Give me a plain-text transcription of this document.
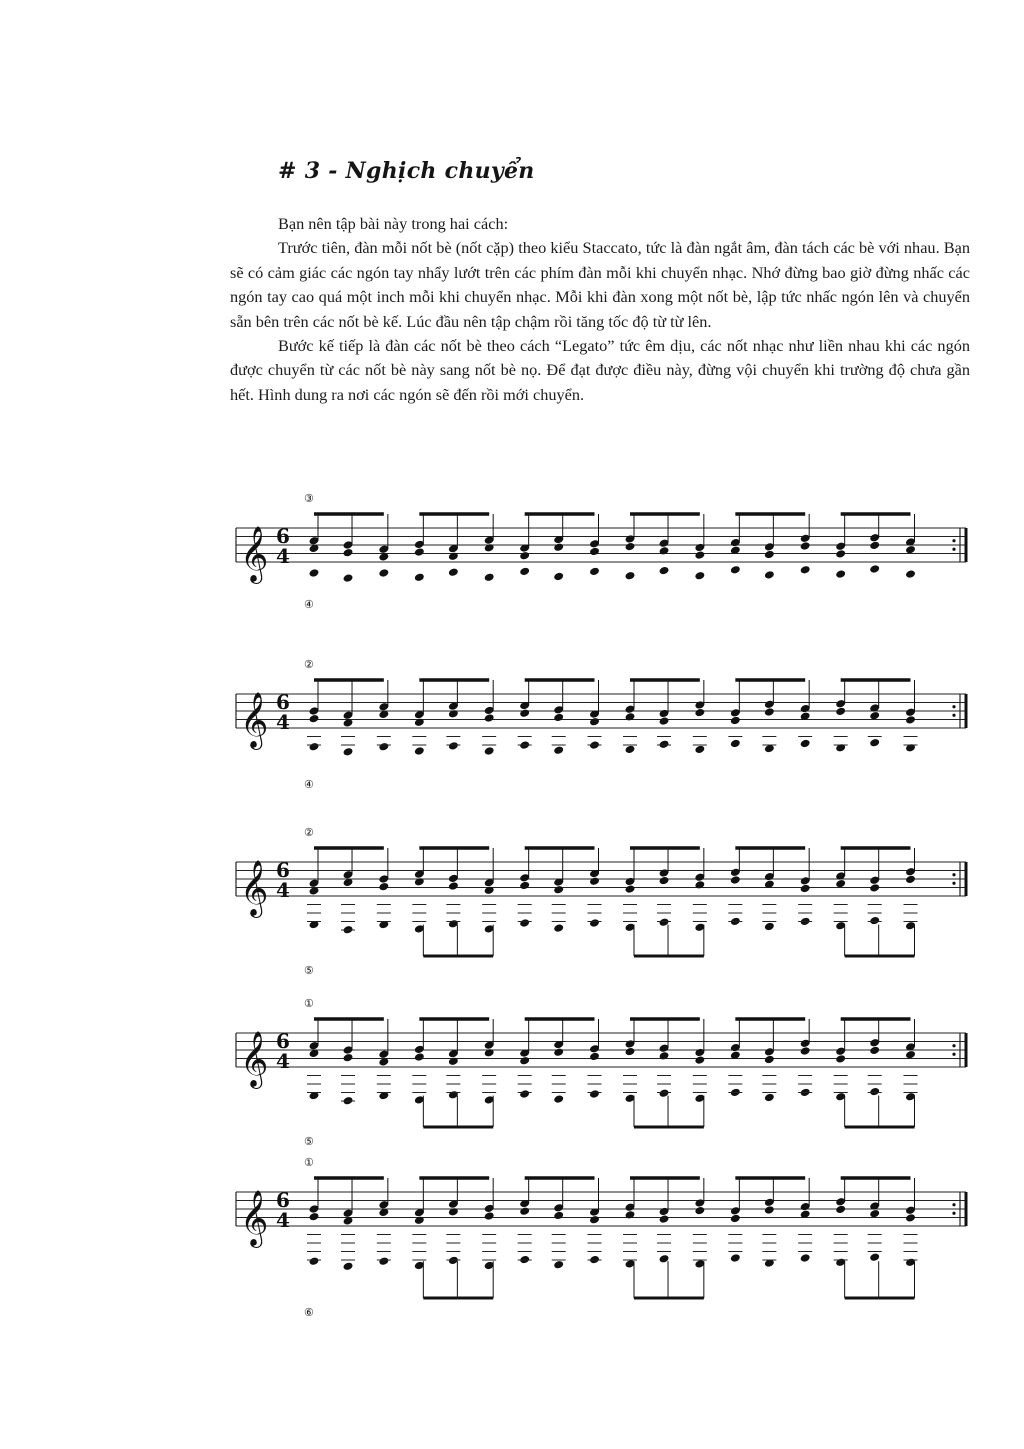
# 3 - Nghịch chuyển

Bạn nên tập bài này trong hai cách:

Trước tiên, đàn mỗi nốt bè (nốt cặp) theo kiểu Staccato, tức là đàn ngắt âm, đàn tách các bè với nhau. Bạn sẽ có cảm giác các ngón tay nhẩy lướt trên các phím đàn mỗi khi chuyển nhạc. Nhớ đừng bao giờ đừng nhấc các ngón tay cao quá một inch mỗi khi chuyển nhạc. Mỗi khi đàn xong một nốt bè, lập tức nhấc ngón lên và chuyển sẵn bên trên các nốt bè kế. Lúc đầu nên tập chậm rồi tăng tốc độ từ từ lên.

Bước kế tiếp là đàn các nốt bè theo cách “Legato” tức êm dịu, các nốt nhạc như liền nhau khi các ngón được chuyển từ các nốt bè này sang nốt bè nọ. Để đạt được điều này, đừng vội chuyển khi trường độ chưa gần hết. Hình dung ra nơi các ngón sẽ đến rồi mới chuyển.

𝄞 6
4
③
④
𝄞 6
4
②
④
𝄞 6
4
②
⑤
𝄞 6
4
①
⑤
𝄞 6
4
①
⑥
